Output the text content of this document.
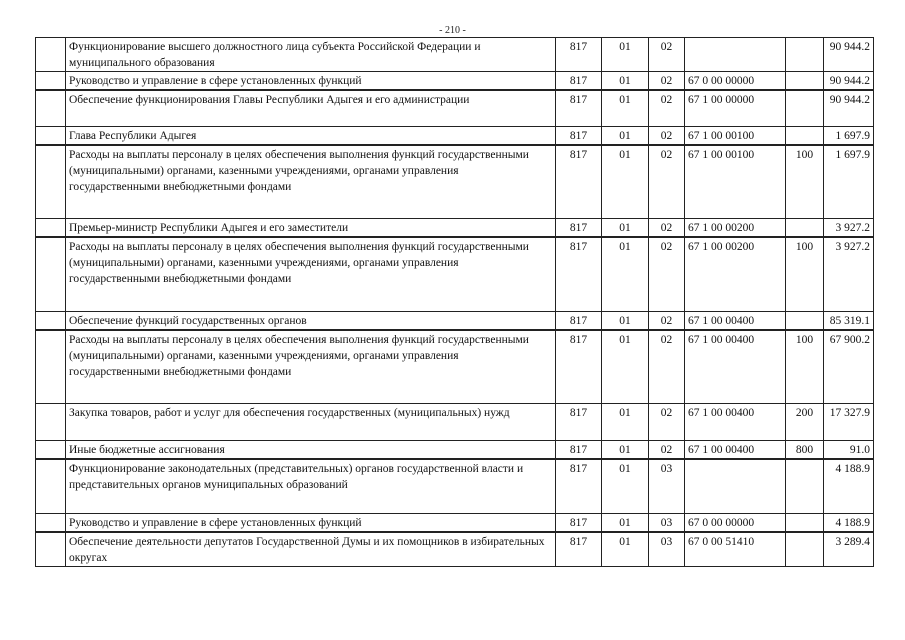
- 210 -
	Функционирование высшего должностного лица субъекта Российской Федерации и муниципального образования	817	01	02			90 944.2
	Руководство и управление в сфере установленных функций	817	01	02	67 0 00 00000		90 944.2
	Обеспечение функционирования Главы Республики Адыгея и его администрации	817	01	02	67 1 00 00000		90 944.2
	Глава Республики Адыгея	817	01	02	67 1 00 00100		1 697.9
	Расходы на выплаты персоналу в целях обеспечения выполнения функций государственными (муниципальными) органами, казенными учреждениями, органами управления государственными внебюджетными фондами	817	01	02	67 1 00 00100	100	1 697.9
	Премьер-министр Республики Адыгея и его заместители	817	01	02	67 1 00 00200		3 927.2
	Расходы на выплаты персоналу в целях обеспечения выполнения функций государственными (муниципальными) органами, казенными учреждениями, органами управления государственными внебюджетными фондами	817	01	02	67 1 00 00200	100	3 927.2
	Обеспечение функций государственных органов	817	01	02	67 1 00 00400		85 319.1
	Расходы на выплаты персоналу в целях обеспечения выполнения функций государственными (муниципальными) органами, казенными учреждениями, органами управления государственными внебюджетными фондами	817	01	02	67 1 00 00400	100	67 900.2
	Закупка товаров, работ и услуг для обеспечения государственных (муниципальных) нужд	817	01	02	67 1 00 00400	200	17 327.9
	Иные бюджетные ассигнования	817	01	02	67 1 00 00400	800	91.0
	Функционирование законодательных (представительных) органов государственной власти и представительных органов муниципальных образований	817	01	03			4 188.9
	Руководство и управление в сфере установленных функций	817	01	03	67 0 00 00000		4 188.9
	Обеспечение деятельности депутатов Государственной Думы и их помощников в избирательных округах	817	01	03	67 0 00 51410		3 289.4
